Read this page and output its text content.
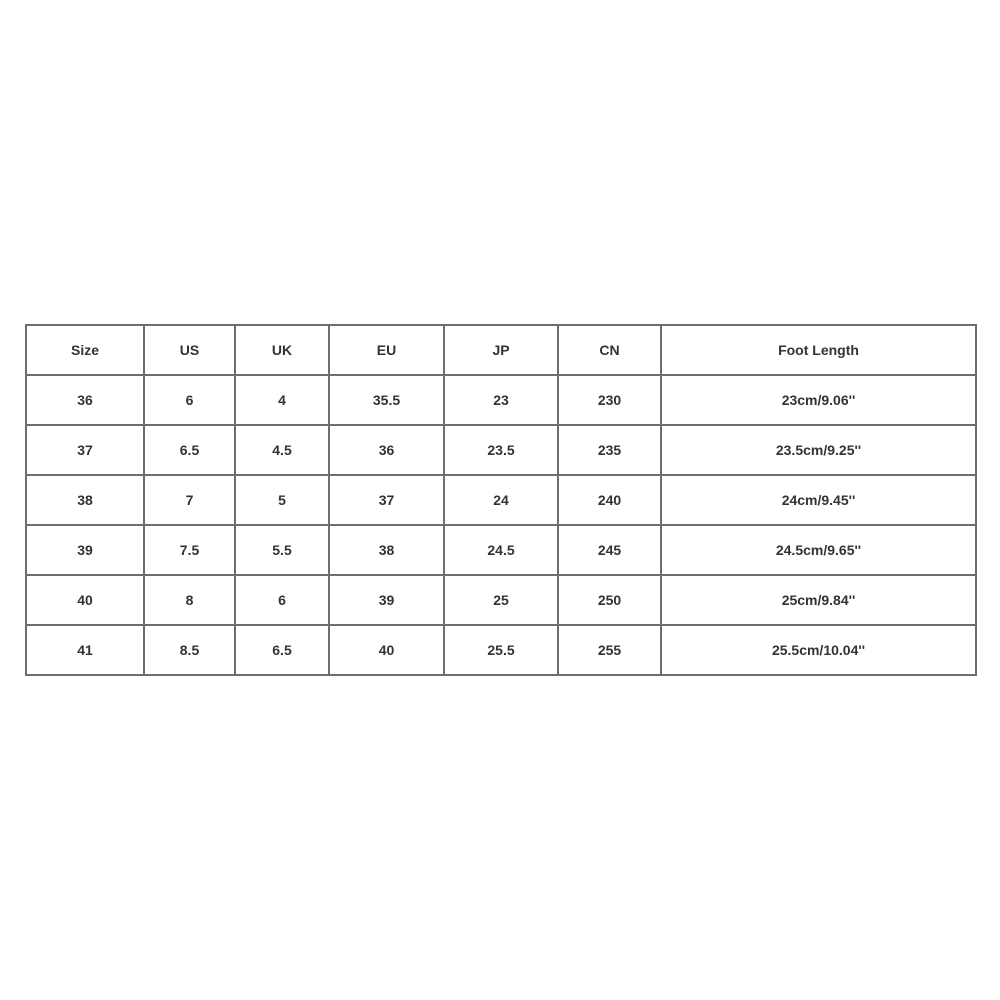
Size	US	UK	EU	JP	CN	Foot Length
36	6	4	35.5	23	230	23cm/9.06''
37	6.5	4.5	36	23.5	235	23.5cm/9.25''
38	7	5	37	24	240	24cm/9.45''
39	7.5	5.5	38	24.5	245	24.5cm/9.65''
40	8	6	39	25	250	25cm/9.84''
41	8.5	6.5	40	25.5	255	25.5cm/10.04''
